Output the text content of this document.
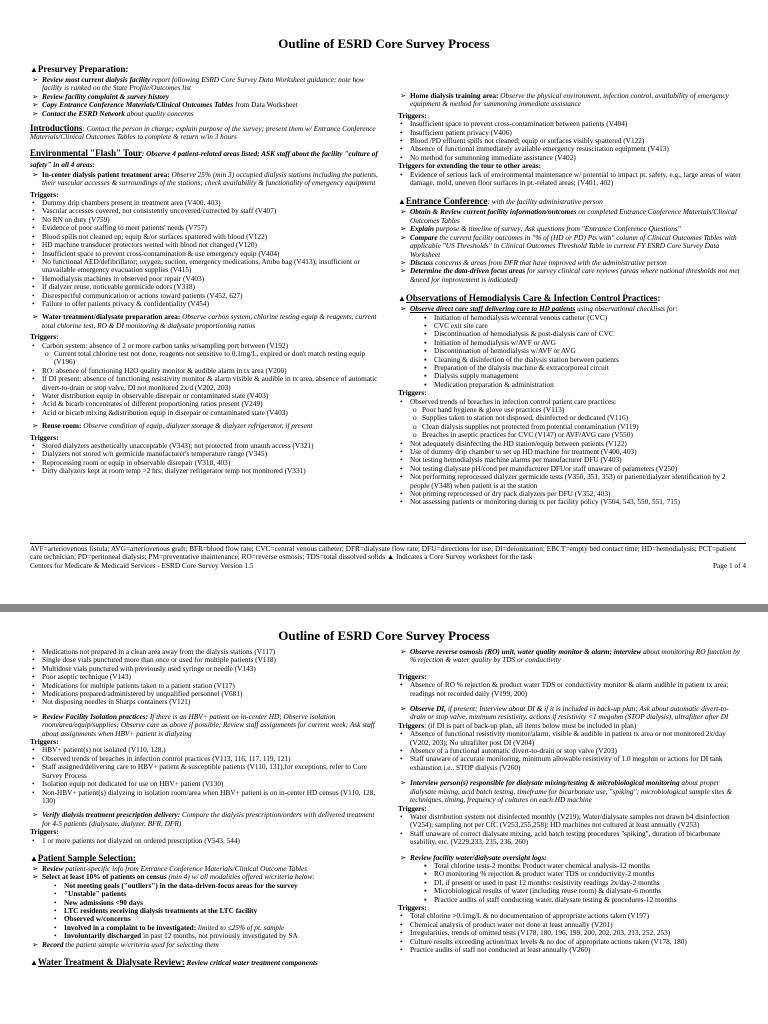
Outline of ESRD Core Survey Process
▲Presurvey Preparation:
➢ Review most current dialysis facility report following ESRD Core Survey Data Worksheet guidance; note how facility is ranked on the State Profile/Outcomes list
➢ Review facility complaint & survey history
➢ Copy Entrance Conference Materials/Clinical Outcomes Tables from Data Worksheet
➢ Contact the ESRD Network about quality concerns
Introductions: Contact the person in charge; explain purpose of the survey; present them w/ Entrance Conference Materials/Clinical Outcomes Tables to complete & return w/in 3 hours
Environmental "Flash" Tour: Observe 4 patient-related areas listed; ASK staff about the facility "culture of safety" in all 4 areas:
➢ In-center dialysis patient treatment area: Observe 25% (min 3) occupied dialysis stations including the patients, their vascular accesses & surroundings of the stations; check availability & functionality of emergency equipment
Triggers:
• Dummy drip chambers present in treatment area (V400, 403)
• Vascular accesses covered, not consistently uncovered/corrected by staff (V407)
• No RN on duty (V759)
• Evidence of poor staffing to meet patients' needs (V757)
• Blood spills not cleaned up; equip &/or surfaces spattered with blood (V122)
• HD machine transducer protectors wetted with blood not changed (V120)
• Insufficient space to prevent cross-contamination & use emergency equip (V404)
• No functional AED/defibrillator; oxygen, suction, emergency medications, Ambu bag (V413); insufficient or unavailable emergency evacuation supplies (V415)
• Hemodialysis machines in observed poor repair (V403)
• If dialyzer reuse, noticeable germicide odors (V318)
• Disrespectful communication or actions toward patients (V452, 627)
• Failure to offer patients privacy & confidentiality (V454)
➢ Water treatment/dialysate preparation area: Observe carbon system, chlorine testing equip & reagents, current total chlorine test, RO & DI monitoring & dialysate proportioning ratios
Triggers:
• Carbon system: absence of 2 or more carbon tanks w/sampling port between (V192)
o Current total chlorine test not done, reagents not sensitive to 0.1mg/L, expired or don't match testing equip (V196)
• RO: absence of functioning H2O quality monitor & audible alarm in tx area (V200)
• If DI present: absence of functioning resistivity monitor & alarm visible & audible in tx area, absence of automatic divert-to-drain or stop valve, DI not monitored 2x/d (V202, 203)
• Water distribution equip in observable disrepair or contaminated state (V403)
• Acid & bicarb concentrates of different proportioning ratios present (V249)
• Acid or bicarb mixing &distribution equip in disrepair or contaminated state (V403)
➢ Reuse room: Observe condition of equip, dialyzer storage & dialyzer refrigerator, if present
Triggers:
• Stored dialyzers aesthetically unacceptable (V343); not protected from unauth access (V321)
• Dialyzers not stored w/n germicide manufacturer's temperature range (V345)
• Reprocessing room or equip in observable disrepair (V318, 403)
• Dirty dialyzers kept at room temp >2 hrs; dialyzer refrigerator temp not monitored (V331)
➢ Home dialysis training area: Observe the physical environment, infection control, availability of emergency equipment & method for summoning immediate assistance
Triggers:
• Insufficient space to prevent cross-contamination between patients (V404)
• Insufficient patient privacy (V406)
• Blood /PD effluent spills not cleaned; equip or surfaces visibly spattered (V122)
• Absence of functional immediately available emergency resuscitation equipment (V413)
• No method for summoning immediate assistance (V402)
Triggers for extending the tour to other areas:
• Evidence of serious lack of environmental maintenance w/ potential to impact pt. safety, e.g., large areas of water damage, mold, uneven floor surfaces in pt.-related areas; (V401, 402)
▲Entrance Conference: with the facility administrative person
➢ Obtain & Review current facility information/outcomes on completed Entrance Conference Materials/Clinical Outcomes Tables
➢ Explain purpose & timeline of survey; Ask questions from "Entrance Conference Questions"
➢ Compare the current facility outcomes in "% of (HD or PD) Pts with" column of Clinical Outcomes Tables with applicable "US Thresholds" in Clinical Outcomes Threshold Table in current FY ESRD Core Survey Data Worksheet
➢ Discuss concerns & areas from DFR that have improved with the administrative person
➢ Determine the data-driven focus areas for survey clinical care reviews (areas where national thresholds not met &need for improvement is indicated)
▲Observations of Hemodialysis Care & Infection Control Practices:
➢ Observe direct care staff delivering care to HD patients using observational checklists for:
▪ Initiation of hemodialysis w/central venous catheter (CVC)
▪ CVC exit site care
▪ Discontinuation of hemodialysis & post-dialysis care of CVC
▪ Initiation of hemodialysis w/AVF or AVG
▪ Discontinuation of hemodialysis w/AVF or AVG
▪ Cleaning & disinfection of the dialysis station between patients
▪ Preparation of the dialysis machine & extracorporeal circuit
▪ Dialysis supply management
▪ Medication preparation & administration
Triggers:
• Observed trends of breaches in infection control patient care practices:
o Poor hand hygiene & glove use practices (V113)
o Supplies taken to station not disposed, disinfected or dedicated (V116)
o Clean dialysis supplies not protected from potential contamination (V119)
o Breaches in aseptic practices for CVC (V147) or AVF/AVG care (V550)
• Not adequately disinfecting the HD station/equip between patients (V122)
• Use of dummy drip chamber to set up HD machine for treatment (V400, 403)
• Not testing hemodialysis machine alarms per manufacturer DFU (V403)
• Not testing dialysate pH/cond per manufacturer DFUor staff unaware of parameters (V250)
• Not performing reprocessed dialyzer germicide tests (V350, 351, 353) or patient/dialyzer identification by 2 people (V348) when patient is at the station
• Not priming reprocessed or dry pack dialyzers per DFU (V352, 403)
• Not assessing patients or monitoring during tx per facility policy (V504, 543, 550, 551, 715)
AVF=arteriovenous fistula; AVG=arteriovenous graft; BFR=blood flow rate; CVC=central venous catheter; DFR=dialysate flow rate; DFU=directions for use; DI=deionization; EBCT=empty bed contact time; HD=hemodialysis; PCT=patient care technician; PD=peritoneal dialysis; PM=preventative maintenance; RO=reverse osmosis; TDS=total dissolved solids ▲ Indicates a Core Survey worksheet for the task
Centers for Medicare & Medicaid Services - ESRD Core Survey Version 1.5	Page 1 of 4
Outline of ESRD Core Survey Process
• Medications not prepared in a clean area away from the dialysis stations (V117)
• Single dose vials punctured more than once or used for multiple patients (V118)
• Multidose vials punctured with previously used syringe or needle (V143)
• Poor aseptic technique (V143)
• Medications for multiple patients taken to a patient station (V117)
• Medications prepared/administered by unqualified personnel (V681)
• Not disposing needles in Sharps containers (V121)
➢ Review Facility Isolation practices: If there is an HBV+ patient on in-center HD; Observe isolation room/area/equip/supplies; Observe care as above if possible; Review staff assignments for current week; Ask staff about assignments when HBV+ patient is dialyzing
Triggers:
• HBV+ patient(s) not isolated (V110, 128,)
• Observed trends of breaches in infection control practices (V113, 116, 117, 119, 121)
• Staff assigned/delivering care to HBV+ patient & susceptible patients (V110, 131),for exceptions, refer to Core Survey Process
• Isolation equip not dedicated for use on HBV+ patient (V130)
• Non-HBV+ patient(s) dialyzing in isolation room/area when HBV+ patient is on in-center HD census (V110, 128, 130)
➢ Verify dialysis treatment prescription delivery: Compare the dialysis prescription/orders with delivered treatment for 4-5 patients (dialysate, dialyzer, BFR, DFR)
Triggers:
• 1 or more patients not dialyzed on ordered prescription (V543, 544)
▲Patient Sample Selection:
➢ Review patient-specific info from Entrance Conference Materials/Clinical Outcome Tables
➢ Select at least 10% of patients on census (min 4) w/ all modalities offered w/criteria below:
• Not meeting goals ("outliers") in the data-driven-focus areas for the survey
• "Unstable" patients
• New admissions <90 days
• LTC residents receiving dialysis treatments at the LTC facility
• Observed w/concerns
• Involved in a complaint to be investigated: limited to ≤25% of pt. sample
• Involuntarily discharged in past 12 months, not previously investigated by SA
➢ Record the patient sample w/criteria used for selecting them
▲Water Treatment & Dialysate Review: Review critical water treatment components
➢ Observe reverse osmosis (RO) unit, water quality monitor & alarm; interview about monitoring RO function by % rejection & water quality by TDS or conductivity
Triggers:
• Absence of RO % rejection & product water TDS or conductivity monitor & alarm audible in patient tx area; readings not recorded daily (V199, 200)
➢ Observe DI, if present; Interview about DI & if it is included in back-up plan; Ask about automatic divert-to-drain or stop valve, minimum resistivity, actions if resistivity <1 megohm (STOP dialysis), ultrafilter after DI
Triggers: (if DI is part of back-up plan, all items below must be included in plan)
• Absence of functional resistivity monitor/alarm, visible & audible in patient tx area or not monitored 2x/day (V202, 203); No ultrafilter post DI (V204)
• Absence of a functional automatic divert-to-drain or stop valve (V203)
• Staff unaware of accurate monitoring, minimum allowable resistivity of 1.0 megohm or actions for DI tank exhaustion i.e., STOP dialysis (V260)
➢ Interview person(s) responsible for dialysate mixing/testing & microbiological monitoring about proper dialysate mixing, acid batch testing, timeframe for bicarbonate use, "spiking"; microbiological sample sites & techniques, timing, frequency of cultures on each HD machine
Triggers:
• Water distribution system not disinfected monthly (V219); Water/dialysate samples not drawn b4 disinfection (V254); sampling not per CfC (V253,255,258); HD machines not cultured at least annually (V253)
• Staff unaware of correct dialysate mixing, acid batch testing procedures "spiking", duration of bicarbonate usability, etc. (V229,233, 235, 236, 260)
➢ Review facility water/dialysate oversight logs:
▪ Total chlorine tests-2 months: Product water chemical analysis-12 months
▪ RO monitoring % rejection & product water TDS or conductivity-2 months
▪ DI, if present or used in past 12 months: resistivity readings 2x/day-2 months
▪ Microbiological results of water (including reuse room) & dialysate-6 months
▪ Practice audits of staff conducting water, dialysate testing & procedures-12 months
Triggers:
• Total chlorine >0.1mg/L & no documentation of appropriate actions taken (V197)
• Chemical analysis of product water not done at least annually (V201)
• Irregularities, trends of omitted tests (V178, 180, 196, 199, 200, 202, 203, 213, 252, 253)
• Culture results exceeding action/max levels & no doc of appropriate actions taken (V178, 180)
• Practice audits of staff not conducted at least annually (V260)
